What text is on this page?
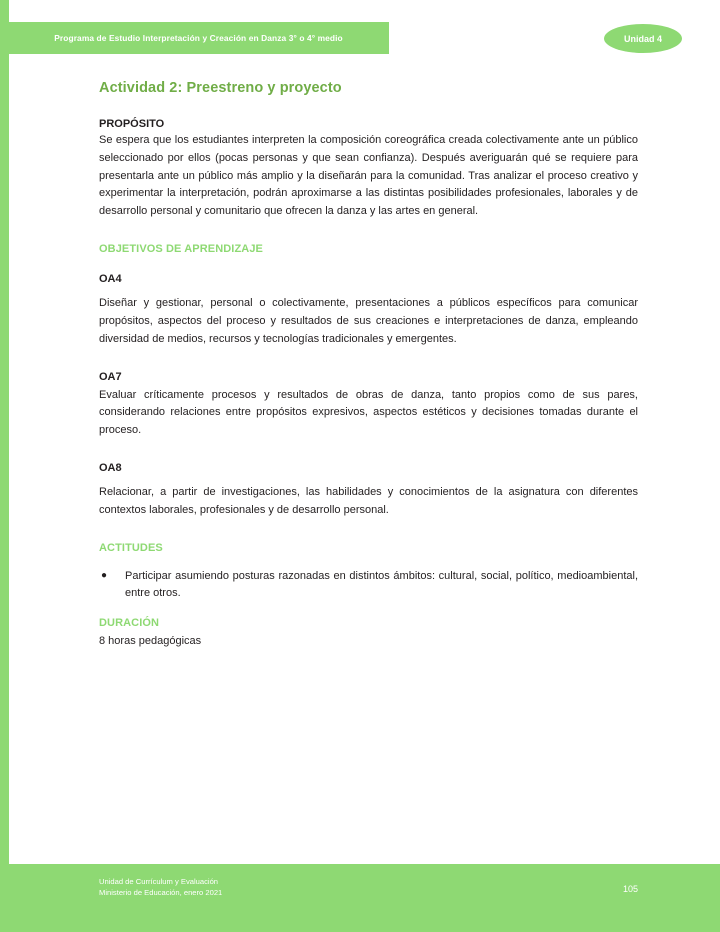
Programa de Estudio Interpretación y Creación en Danza 3° o 4° medio	Unidad 4
Actividad 2: Preestreno y proyecto

PROPÓSITO

Se espera que los estudiantes interpreten la composición coreográfica creada colectivamente ante un público seleccionado por ellos (pocas personas y que sean confianza). Después averiguarán qué se requiere para presentarla ante un público más amplio y la diseñarán para la comunidad. Tras analizar el proceso creativo y experimentar la interpretación, podrán aproximarse a las distintas posibilidades profesionales, laborales y de desarrollo personal y comunitario que ofrecen la danza y las artes en general.

OBJETIVOS DE APRENDIZAJE

OA4

Diseñar y gestionar, personal o colectivamente, presentaciones a públicos específicos para comunicar propósitos, aspectos del proceso y resultados de sus creaciones e interpretaciones de danza, empleando diversidad de medios, recursos y tecnologías tradicionales y emergentes.

OA7

Evaluar críticamente procesos y resultados de obras de danza, tanto propios como de sus pares, considerando relaciones entre propósitos expresivos, aspectos estéticos y decisiones tomadas durante el proceso.

OA8

Relacionar, a partir de investigaciones, las habilidades y conocimientos de la asignatura con diferentes contextos laborales, profesionales y de desarrollo personal.

ACTITUDES

●	Participar asumiendo posturas razonadas en distintos ámbitos: cultural, social, político, medioambiental, entre otros.

DURACIÓN

8 horas pedagógicas

Unidad de Currículum y Evaluación
Ministerio de Educación, enero 2021	105
